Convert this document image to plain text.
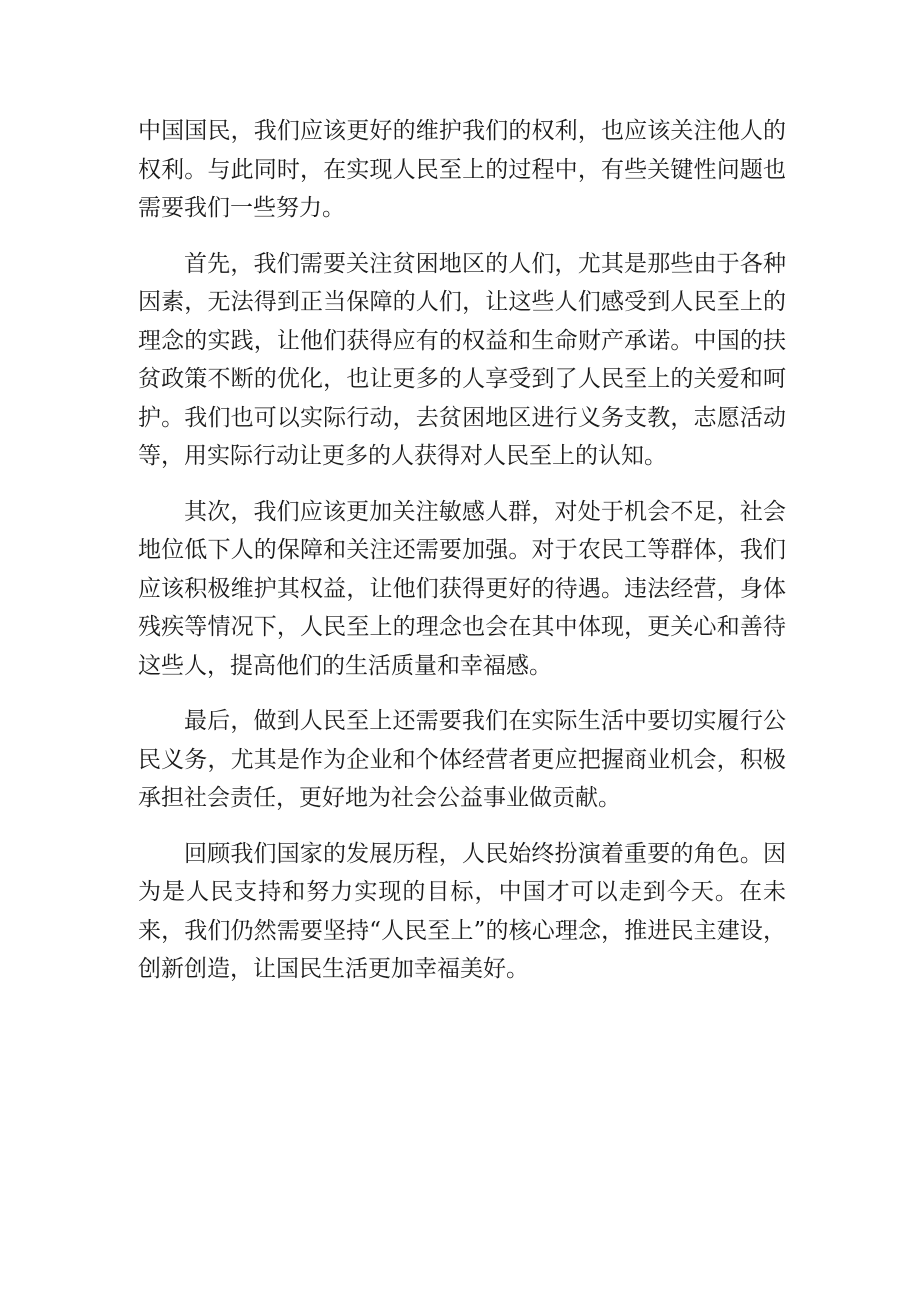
中国国民，我们应该更好的维护我们的权利，也应该关注他人的权利。与此同时，在实现人民至上的过程中，有些关键性问题也需要我们一些努力。

首先，我们需要关注贫困地区的人们，尤其是那些由于各种因素，无法得到正当保障的人们，让这些人们感受到人民至上的理念的实践，让他们获得应有的权益和生命财产承诺。中国的扶贫政策不断的优化，也让更多的人享受到了人民至上的关爱和呵护。我们也可以实际行动，去贫困地区进行义务支教，志愿活动等，用实际行动让更多的人获得对人民至上的认知。

其次，我们应该更加关注敏感人群，对处于机会不足，社会地位低下人的保障和关注还需要加强。对于农民工等群体，我们应该积极维护其权益，让他们获得更好的待遇。违法经营，身体残疾等情况下，人民至上的理念也会在其中体现，更关心和善待这些人，提高他们的生活质量和幸福感。

最后，做到人民至上还需要我们在实际生活中要切实履行公民义务，尤其是作为企业和个体经营者更应把握商业机会，积极承担社会责任，更好地为社会公益事业做贡献。

回顾我们国家的发展历程，人民始终扮演着重要的角色。因为是人民支持和努力实现的目标，中国才可以走到今天。在未来，我们仍然需要坚持“人民至上”的核心理念，推进民主建设，创新创造，让国民生活更加幸福美好。
